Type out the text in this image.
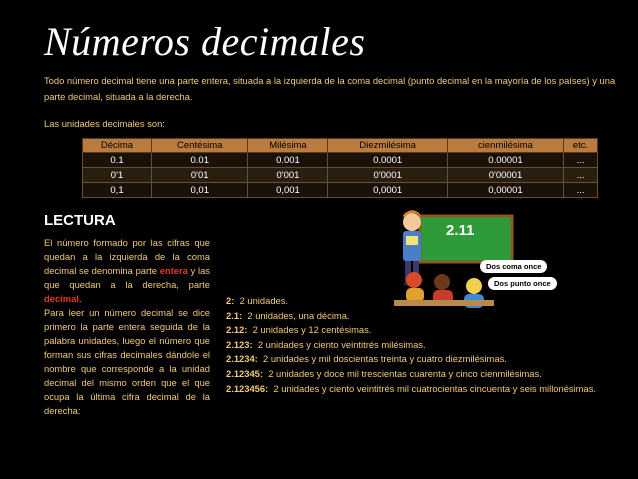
Números decimales
Todo número decimal tiene una parte entera, situada a la izquierda de la coma decimal (punto decimal en la mayoría de los países) y una parte decimal, situada a la derecha.
Las unidades decimales son:
Décima	Centésima	Milésima	Diezmilésima	cienmilésima	etc.
0.1	0.01	0.001	0.0001	0.00001	...
0'1	0'01	0'001	0'0001	0'00001	...
0,1	0,01	0,001	0,0001	0,00001	...
LECTURA
El número formado por las cifras que quedan a la izquierda de la coma decimal se denomina parte entera y las que quedan a la derecha, parte decimal.
Para leer un número decimal se dice primero la parte entera seguida de la palabra unidades, luego el número que forman sus cifras decimales dándole el nombre que corresponde a la unidad decimal del mismo orden que el que ocupa la última cifra decimal de la derecha:
2.11
Dos coma once
Dos punto once
2: 2 unidades.
2.1: 2 unidades, una décima.
2.12: 2 unidades y 12 centésimas.
2.123: 2 unidades y ciento veintitrés milésimas.
2.1234: 2 unidades y mil doscientas treinta y cuatro diezmilésimas.
2.12345: 2 unidades y doce mil trescientas cuarenta y cinco cienmilésimas.
2.123456: 2 unidades y ciento veintitrés mil cuatrocientas cincuenta y seis millonésimas.
